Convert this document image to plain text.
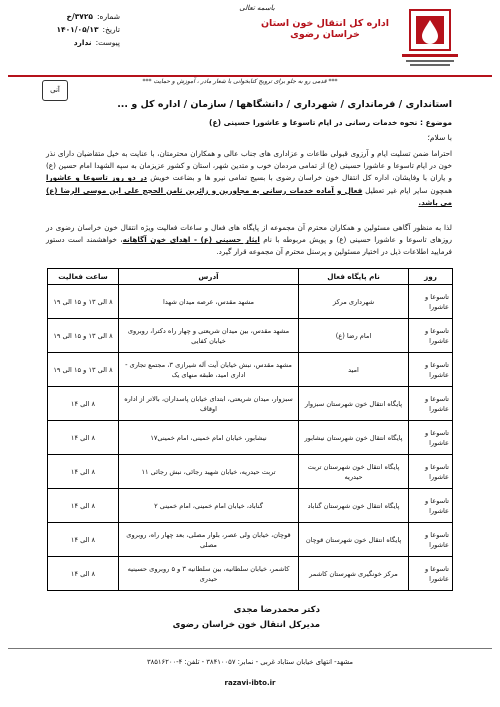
باسمه تعالی
اداره کل انتقال خون استان خراسان رضوی
شماره:
۳۷۲۵/خ
تاریخ:
۱۴۰۱/۰۵/۱۳
پیوست:
ندارد
*** قدمی رو به جلو برای ترویج کتابخوانی با شعار مادر ، آموزش و حمایت ***
آنی
استانداری / فرمانداری / شهرداری / دانشگاهها / سازمان / اداره کل و ...
موضوع : نحوه خدمات رسانی در ایام تاسوعا و عاشورا حسینی (ع)
با سلام؛
احتراما ضمن تسلیت ایام و آرزوی قبولی طاعات و عزاداری های جناب عالی و همکاران محترمتان، با عنایت به خیل متقاضیان دارای نذر خون در ایام تاسوعا و عاشورا حسینی (ع) از تمامی مردمان خوب و متدین شهر، استان و کشور عزیزمان به سپه الشهدا امام حسین (ع) و یاران با وفایشان، اداره کل انتقال خون خراسان رضوی با بسیج تمامی نیرو ها و بضاعت خویش در دو روز تاسوعا و عاشورا همچون سایر ایام غیر تعطیل فعال و آماده خدمات رسانی به مجاورین و زائرین ثامن الحجج علی ابن موسی الرضا (ع) می باشد.
لذا به منظور آگاهی مسئولین و همکاران محترم آن مجموعه از پایگاه های فعال و ساعات فعالیت ویژه انتقال خون خراسان رضوی در روزهای تاسوعا و عاشورا حسینی (ع) و پویش مربوطه با نام ایثار حسینی (ع) - اهدای خون آگاهانه، خواهشمند است دستور فرمایید اطلاعات ذیل در اختیار مسئولین و پرسنل محترم آن مجموعه قرار گیرد.
روز	نام پایگاه فعال	آدرس	ساعت فعالیت
تاسوعا و عاشورا	شهرداری مرکز	مشهد مقدس، عرصه میدان شهدا	۸ الی ۱۳ و ۱۵ الی ۱۹
تاسوعا و عاشورا	امام رضا (ع)	مشهد مقدس، بین میدان شریعتی و چهار راه دکترا، روبروی خیابان کفایی	۸ الی ۱۳ و ۱۵ الی ۱۹
تاسوعا و عاشورا	امید	مشهد مقدس، نبش خیابان آیت آله شیرازی ۳، مجتمع تجاری - اداری امید، طبقه منهای یک	۸ الی ۱۳ و ۱۵ الی ۱۹
تاسوعا و عاشورا	پایگاه انتقال خون شهرستان سبزوار	سبزوار، میدان شریعتی، ابتدای خیابان پاسداران، بالاتر از اداره اوقاف	۸ الی ۱۴
تاسوعا و عاشورا	پایگاه انتقال خون شهرستان نیشابور	نیشابور، خیابان امام خمینی، امام خمینی۱۷	۸ الی ۱۴
تاسوعا و عاشورا	پایگاه انتقال خون شهرستان تربت حیدریه	تربت حیدریه، خیابان شهید رجائی، نبش رجائی ۱۱	۸ الی ۱۴
تاسوعا و عاشورا	پایگاه انتقال خون شهرستان گناباد	گناباد، خیابان امام خمینی، امام خمینی ۲	۸ الی ۱۴
تاسوعا و عاشورا	پایگاه انتقال خون شهرستان قوچان	قوچان، خیابان ولی عصر، بلوار مصلی، بعد چهار راه، روبروی مصلی	۸ الی ۱۴
تاسوعا و عاشورا	مرکز خونگیری شهرستان کاشمر	کاشمر، خیابان سلطانیه، بین سلطانیه ۳ و ۵ روبروی حسینیه حیدری	۸ الی ۱۴
دکتر محمدرضا مجدی
مدیرکل انتقال خون خراسان رضوی
مشهد- انتهای خیابان ستاباد غربی - نمابر: ۳۸۴۱۰۰۵۷ - تلفن: ۴-۳۸۵۱۶۲۰۰
razavi-ibto.ir
